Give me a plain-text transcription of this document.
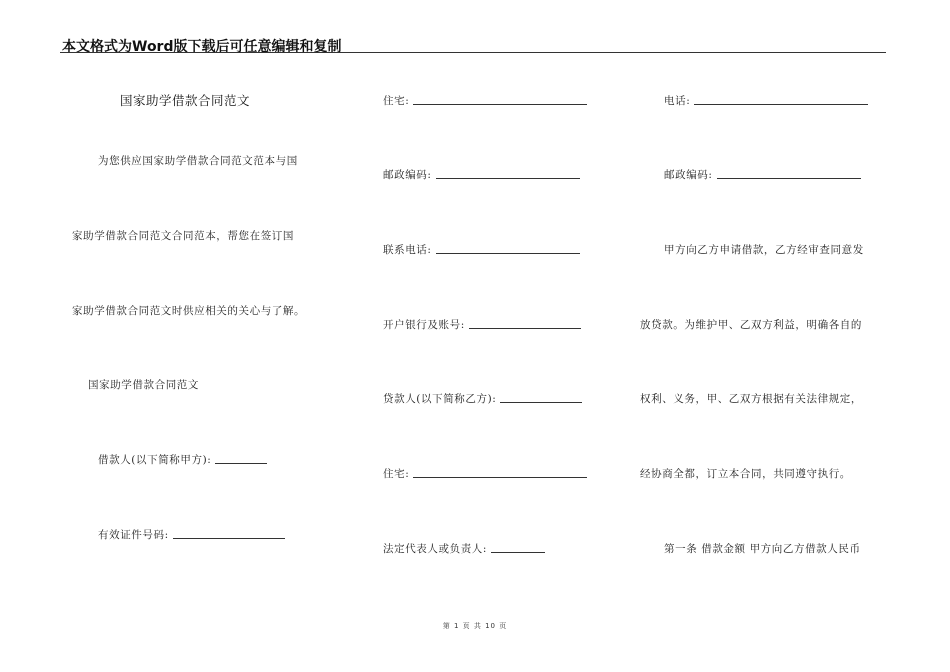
本文格式为Word版下载后可任意编辑和复制
国家助学借款合同范文
为您供应国家助学借款合同范文范本与国
家助学借款合同范文合同范本，帮您在签订国
家助学借款合同范文时供应相关的关心与了解。
国家助学借款合同范文
借款人(以下简称甲方):
有效证件号码:
住宅:
邮政编码:
联系电话:
开户银行及账号:
贷款人(以下简称乙方):
住宅:
法定代表人或负责人:
电话:
邮政编码:
甲方向乙方申请借款，乙方经审查同意发
放贷款。为维护甲、乙双方利益，明确各自的
权利、义务，甲、乙双方根据有关法律规定，
经协商全都，订立本合同，共同遵守执行。
第一条 借款金额 甲方向乙方借款人民币
第 1 页 共 10 页
